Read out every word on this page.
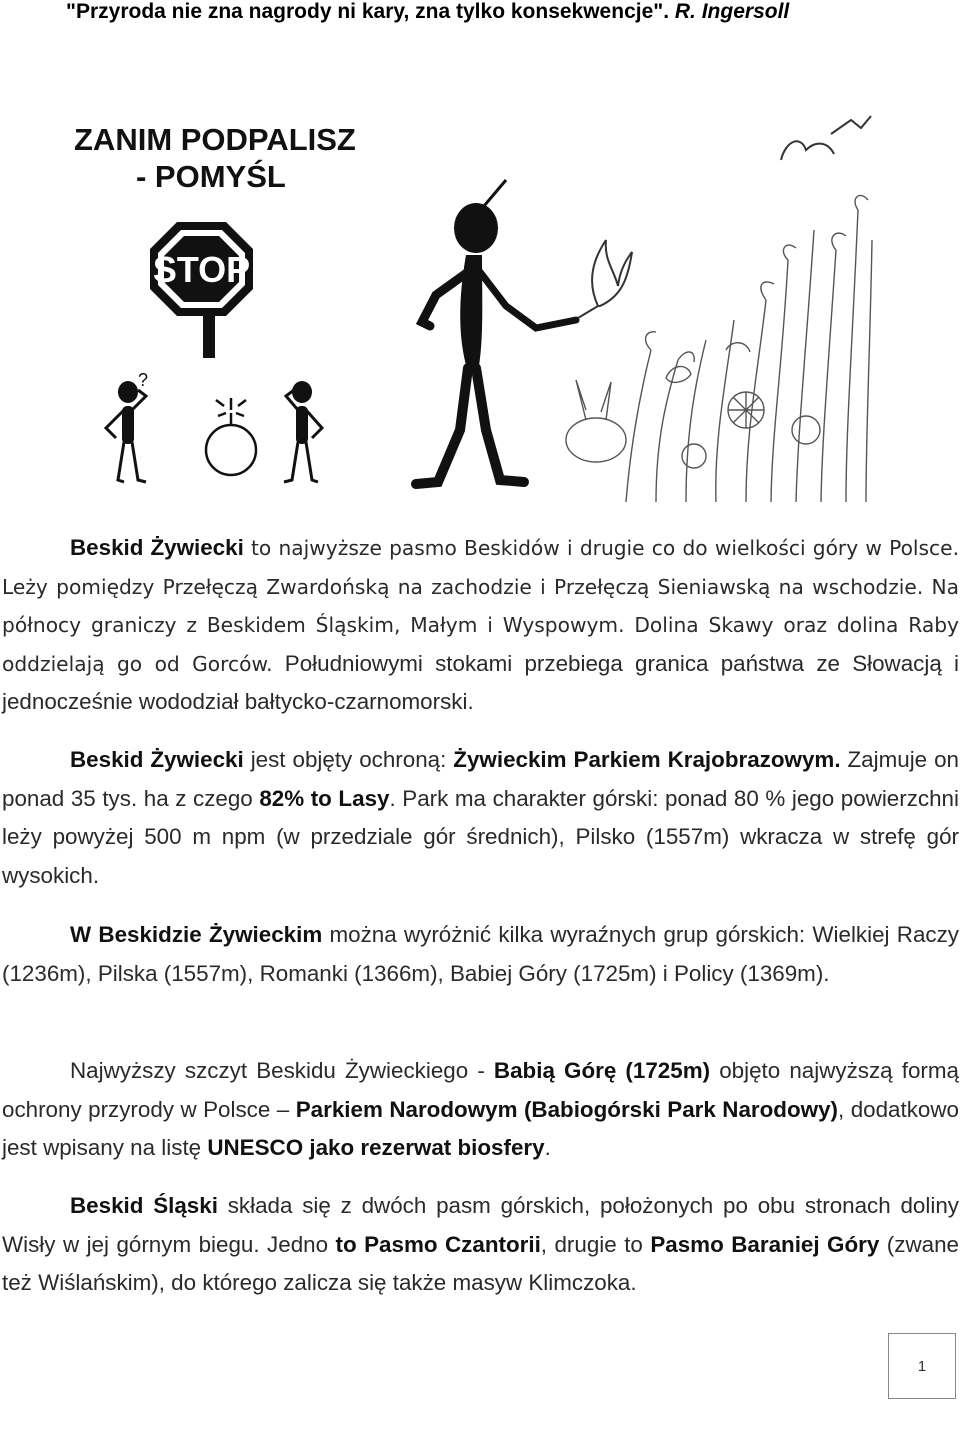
"Przyroda nie zna nagrody ni kary, zna tylko konsekwencje". R. Ingersoll
ZANIM PODPALISZ
- POMYŚL
STOP
?
Beskid Żywiecki to najwyższe pasmo Beskidów i drugie co do wielkości góry w Polsce. Leży pomiędzy Przełęczą Zwardońską na zachodzie i Przełęczą Sieniawską na wschodzie. Na północy graniczy z Beskidem Śląskim, Małym i Wyspowym. Dolina Skawy oraz dolina Raby oddzielają go od Gorców. Południowymi stokami przebiega granica państwa ze Słowacją i jednocześnie wododział bałtycko-czarnomorski.
Beskid Żywiecki jest objęty ochroną: Żywieckim Parkiem Krajobrazowym. Zajmuje on ponad 35 tys. ha z czego 82% to Lasy. Park ma charakter górski: ponad 80 % jego powierzchni leży powyżej 500 m npm (w przedziale gór średnich), Pilsko (1557m) wkracza w strefę gór wysokich.
W Beskidzie Żywieckim można wyróżnić kilka wyraźnych grup górskich: Wielkiej Raczy (1236m), Pilska (1557m), Romanki (1366m), Babiej Góry (1725m) i Policy (1369m).
Najwyższy szczyt Beskidu Żywieckiego - Babią Górę (1725m) objęto najwyższą formą ochrony przyrody w Polsce – Parkiem Narodowym (Babiogórski Park Narodowy), dodatkowo jest wpisany na listę UNESCO jako rezerwat biosfery.
Beskid Śląski składa się z dwóch pasm górskich, położonych po obu stronach doliny Wisły w jej górnym biegu. Jedno to Pasmo Czantorii, drugie to Pasmo Baraniej Góry (zwane też Wiślańskim), do którego zalicza się także masyw Klimczoka.
1
